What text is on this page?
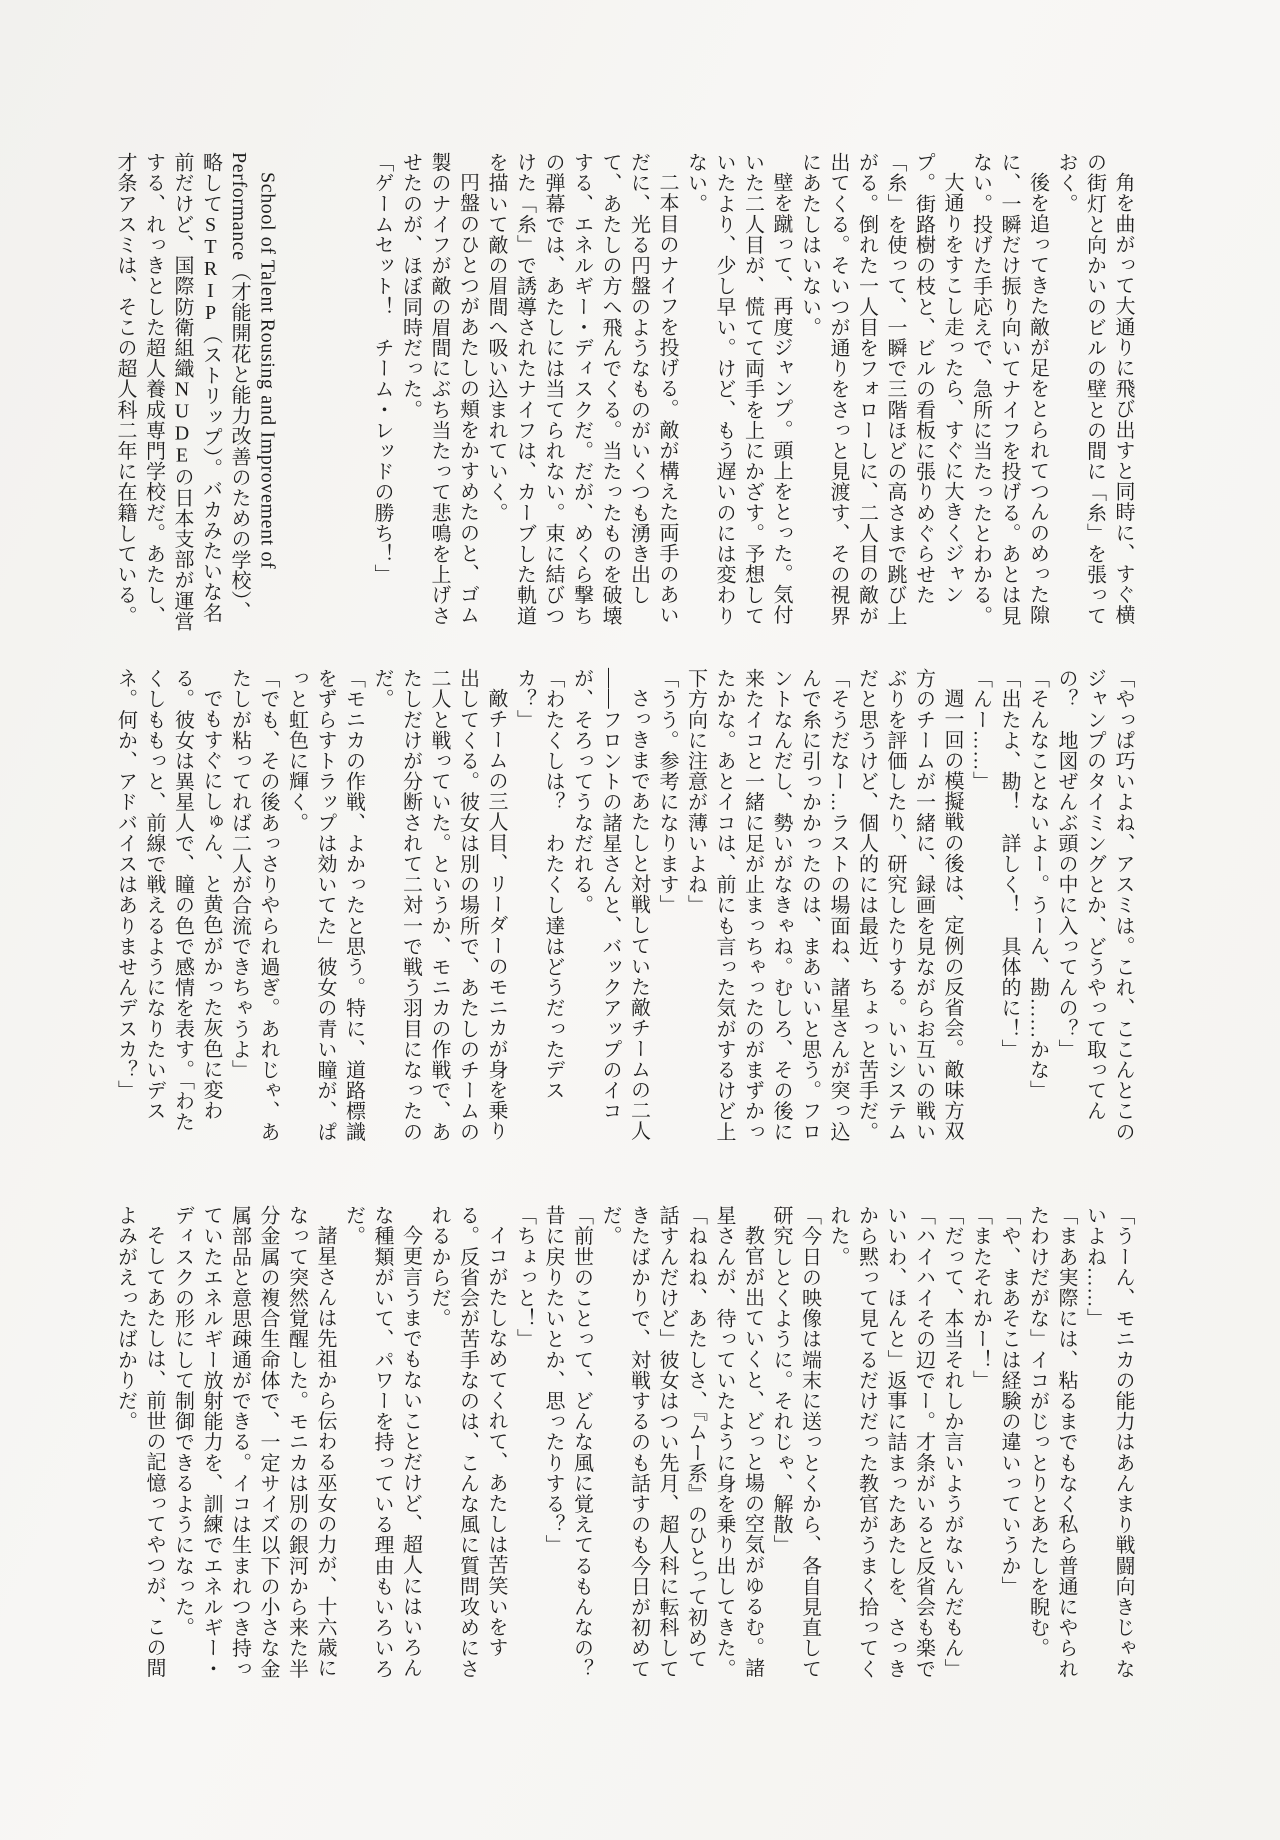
角を曲がって大通りに飛び出すと同時に、すぐ横の街灯と向かいのビルの壁との間に「糸」を張っておく。

後を追ってきた敵が足をとられてつんのめった隙に、一瞬だけ振り向いてナイフを投げる。あとは見ない。投げた手応えで、急所に当たったとわかる。

大通りをすこし走ったら、すぐに大きくジャンプ。街路樹の枝と、ビルの看板に張りめぐらせた「糸」を使って、一瞬で三階ほどの高さまで跳び上がる。倒れた一人目をフォローしに、二人目の敵が出てくる。そいつが通りをさっと見渡す、その視界にあたしはいない。

壁を蹴って、再度ジャンプ。頭上をとった。気付いた二人目が、慌てて両手を上にかざす。予想していたより、少し早い。けど、もう遅いのには変わりない。

二本目のナイフを投げる。敵が構えた両手のあいだに、光る円盤のようなものがいくつも湧き出して、あたしの方へ飛んでくる。当たったものを破壊する、エネルギー・ディスクだ。だが、めくら撃ちの弾幕では、あたしには当てられない。束に結びつけた「糸」で誘導されたナイフは、カーブした軌道を描いて敵の眉間へ吸い込まれていく。

円盤のひとつがあたしの頬をかすめたのと、ゴム製のナイフが敵の眉間にぶち当たって悲鳴を上げさせたのが、ほぼ同時だった。

「ゲームセット！　チーム・レッドの勝ち！」

School of Talent Rousing and Improvement of Performance（才能開花と能力改善のための学校）、略してSTRIP（ストリップ）。バカみたいな名前だけど、国際防衛組織NUDEの日本支部が運営する、れっきとした超人養成専門学校だ。あたし、才条アスミは、そこの超人科二年に在籍している。

「やっぱ巧いよね、アスミは。これ、ここんとこのジャンプのタイミングとか、どうやって取ってんの？　地図ぜんぶ頭の中に入ってんの？」

「そんなことないよー。うーん、勘……かな」

「出たよ、勘！　詳しく！　具体的に！」

「んー……」

週一回の模擬戦の後は、定例の反省会。敵味方双方のチームが一緒に、録画を見ながらお互いの戦いぶりを評価したり、研究したりする。いいシステムだと思うけど、個人的には最近、ちょっと苦手だ。

「そうだなー…ラストの場面ね、諸星さんが突っ込んで糸に引っかかったのは、まあいいと思う。フロントなんだし、勢いがなきゃね。むしろ、その後に来たイコと一緒に足が止まっちゃったのがまずかったかな。あとイコは、前にも言った気がするけど上下方向に注意が薄いよね」

「うう。参考になります」

さっきまであたしと対戦していた敵チームの二人——フロントの諸星さんと、バックアップのイコが、そろってうなだれる。

「わたくしは？　わたくし達はどうだったデスカ？」

敵チームの三人目、リーダーのモニカが身を乗り出してくる。彼女は別の場所で、あたしのチームの二人と戦っていた。というか、モニカの作戦で、あたしだけが分断されて二対一で戦う羽目になったのだ。

「モニカの作戦、よかったと思う。特に、道路標識をずらすトラップは効いてた」彼女の青い瞳が、ぱっと虹色に輝く。

「でも、その後あっさりやられ過ぎ。あれじゃ、あたしが粘ってれば二人が合流できちゃうよ」

でもすぐにしゅん、と黄色がかった灰色に変わる。彼女は異星人で、瞳の色で感情を表す。「わたくしももっと、前線で戦えるようになりたいデスネ。何か、アドバイスはありませんデスカ？」

「うーん、モニカの能力はあんまり戦闘向きじゃないよね……」

「まあ実際には、粘るまでもなく私ら普通にやられたわけだがな」イコがじっとりとあたしを睨む。

「や、まあそこは経験の違いっていうか」

「またそれかー！」

「だって、本当それしか言いようがないんだもん」

「ハイハイその辺でー。才条がいると反省会も楽でいいわ、ほんと」返事に詰まったあたしを、さっきから黙って見てるだけだった教官がうまく拾ってくれた。

「今日の映像は端末に送っとくから、各自見直して研究しとくように。それじゃ、解散」

教官が出ていくと、どっと場の空気がゆるむ。諸星さんが、待っていたように身を乗り出してきた。

「ねねね、あたしさ、『ムー系』のひとって初めて話すんだけど」彼女はつい先月、超人科に転科してきたばかりで、対戦するのも話すのも今日が初めてだ。

「前世のことって、どんな風に覚えてるもんなの？昔に戻りたいとか、思ったりする？」

「ちょっと！」

イコがたしなめてくれて、あたしは苦笑いをする。反省会が苦手なのは、こんな風に質問攻めにされるからだ。

今更言うまでもないことだけど、超人にはいろんな種類がいて、パワーを持っている理由もいろいろだ。

諸星さんは先祖から伝わる巫女の力が、十六歳になって突然覚醒した。モニカは別の銀河から来た半分金属の複合生命体で、一定サイズ以下の小さな金属部品と意思疎通ができる。イコは生まれつき持っていたエネルギー放射能力を、訓練でエネルギー・ディスクの形にして制御できるようになった。

そしてあたしは、前世の記憶ってやつが、この間よみがえったばかりだ。
